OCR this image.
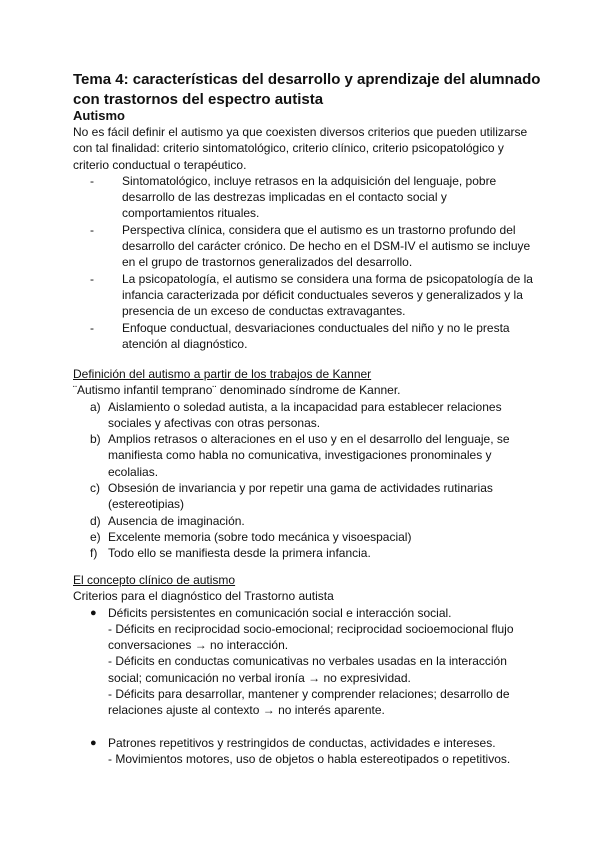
Tema 4: características del desarrollo y aprendizaje del alumnado con trastornos del espectro autista
Autismo

No es fácil definir el autismo ya que coexisten diversos criterios que pueden utilizarse con tal finalidad: criterio sintomatológico, criterio clínico, criterio psicopatológico y criterio conductual o terapéutico.

- Sintomatológico, incluye retrasos en la adquisición del lenguaje, pobre desarrollo de las destrezas implicadas en el contacto social y comportamientos rituales.
- Perspectiva clínica, considera que el autismo es un trastorno profundo del desarrollo del carácter crónico. De hecho en el DSM-IV el autismo se incluye en el grupo de trastornos generalizados del desarrollo.
- La psicopatología, el autismo se considera una forma de psicopatología de la infancia caracterizada por déficit conductuales severos y generalizados y la presencia de un exceso de conductas extravagantes.
- Enfoque conductual, desvariaciones conductuales del niño y no le presta atención al diagnóstico.

Definición del autismo a partir de los trabajos de Kanner

¨Autismo infantil temprano¨ denominado síndrome de Kanner.

a) Aislamiento o soledad autista, a la incapacidad para establecer relaciones sociales y afectivas con otras personas.
b) Amplios retrasos o alteraciones en el uso y en el desarrollo del lenguaje, se manifiesta como habla no comunicativa, investigaciones pronominales y ecolalias.
c) Obsesión de invariancia y por repetir una gama de actividades rutinarias (estereotipias)
d) Ausencia de imaginación.
e) Excelente memoria (sobre todo mecánica y visoespacial)
f) Todo ello se manifiesta desde la primera infancia.

El concepto clínico de autismo

Criterios para el diagnóstico del Trastorno autista

● Déficits persistentes en comunicación social e interacción social.
- Déficits en reciprocidad socio-emocional; reciprocidad socioemocional flujo conversaciones → no interacción.
- Déficits en conductas comunicativas no verbales usadas en la interacción social; comunicación no verbal ironía → no expresividad.
- Déficits para desarrollar, mantener y comprender relaciones; desarrollo de relaciones ajuste al contexto → no interés aparente.
● Patrones repetitivos y restringidos de conductas, actividades e intereses.
- Movimientos motores, uso de objetos o habla estereotipados o repetitivos.
